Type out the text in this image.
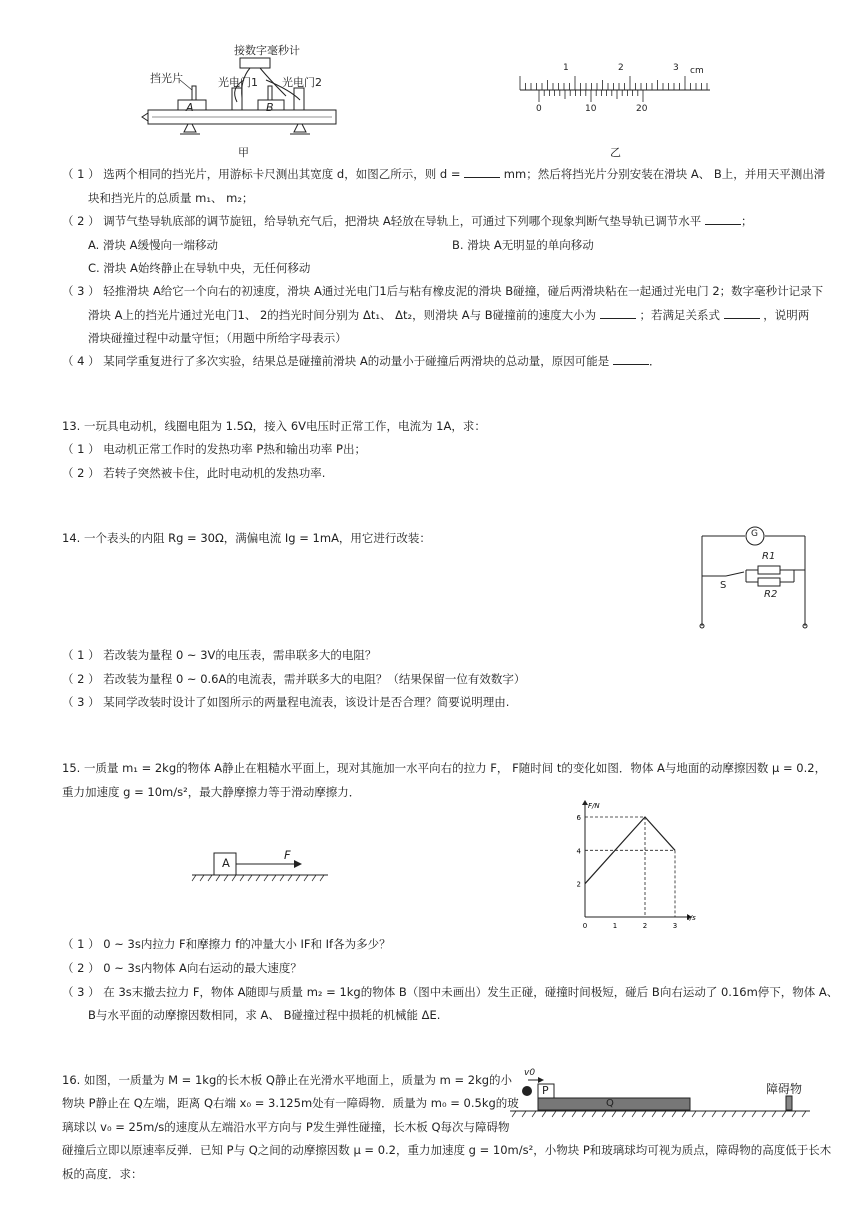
接数字毫秒计
挡光片	光电门1 光电门2
A	B
甲
1	2	3 cm
0	10	20
乙
（ 1 ） 选两个相同的挡光片，用游标卡尺测出其宽度 d，如图乙所示，则 d =	mm；然后将挡光片分别安装在滑块 A、 B上，并用天平测出滑
块和挡光片的总质量 m₁、 m₂；
（ 2 ） 调节气垫导轨底部的调节旋钮，给导轨充气后，把滑块 A轻放在导轨上，可通过下列哪个现象判断气垫导轨已调节水平	；
A. 滑块 A缓慢向一端移动	B. 滑块 A无明显的单向移动
C. 滑块 A始终静止在导轨中央，无任何移动
（ 3 ） 轻推滑块 A给它一个向右的初速度，滑块 A通过光电门1后与粘有橡皮泥的滑块 B碰撞，碰后两滑块粘在一起通过光电门 2；数字毫秒计记录下
滑块 A上的挡光片通过光电门1、 2的挡光时间分别为 Δt₁、 Δt₂，则滑块 A与 B碰撞前的速度大小为	；若满足关系式	，说明两
滑块碰撞过程中动量守恒；（用题中所给字母表示）
（ 4 ） 某同学重复进行了多次实验，结果总是碰撞前滑块 A的动量小于碰撞后两滑块的总动量，原因可能是	．
13. 一玩具电动机，线圈电阻为 1.5Ω，接入 6V电压时正常工作，电流为 1A，求：
（ 1 ） 电动机正常工作时的发热功率 P热和输出功率 P出；
（ 2 ） 若转子突然被卡住，此时电动机的发热功率.
14. 一个表头的内阻 Rg = 30Ω，满偏电流 Ig = 1mA，用它进行改装：	G
R1
R2
S
（ 1 ） 若改装为量程 0 ~ 3V的电压表，需串联多大的电阻？
（ 2 ） 若改装为量程 0 ~ 0.6A的电流表，需并联多大的电阻？（结果保留一位有效数字）
（ 3 ） 某同学改装时设计了如图所示的两量程电流表，该设计是否合理？简要说明理由.
15. 一质量 m₁ = 2kg的物体 A静止在粗糙水平面上，现对其施加一水平向右的拉力 F， F随时间 t的变化如图．物体 A与地面的动摩擦因数 μ = 0.2，
重力加速度 g = 10m/s²，最大静摩擦力等于滑动摩擦力．
A
F
0	1	2	3
2
4
6
t/s
F/N
（ 1 ） 0 ~ 3s内拉力 F和摩擦力 f的冲量大小 IF和 If各为多少？
（ 2 ） 0 ~ 3s内物体 A向右运动的最大速度？
（ 3 ） 在 3s末撤去拉力 F，物体 A随即与质量 m₂ = 1kg的物体 B（图中未画出）发生正碰，碰撞时间极短，碰后 B向右运动了 0.16m停下，物体 A、
B与水平面的动摩擦因数相同，求 A、 B碰撞过程中损耗的机械能 ΔE.
16. 如图，一质量为 M = 1kg的长木板 Q静止在光滑水平地面上，质量为 m = 2kg的小
物块 P静止在 Q左端，距离 Q右端 x₀ = 3.125m处有一障碍物．质量为 m₀ = 0.5kg的玻
璃球以 v₀ = 25m/s的速度从左端沿水平方向与 P发生弹性碰撞，长木板 Q每次与障碍物
碰撞后立即以原速率反弹．已知 P与 Q之间的动摩擦因数 μ = 0.2，重力加速度 g = 10m/s²，小物块 P和玻璃球均可视为质点，障碍物的高度低于长木
板的高度．求：
v0
P
Q
障碍物
